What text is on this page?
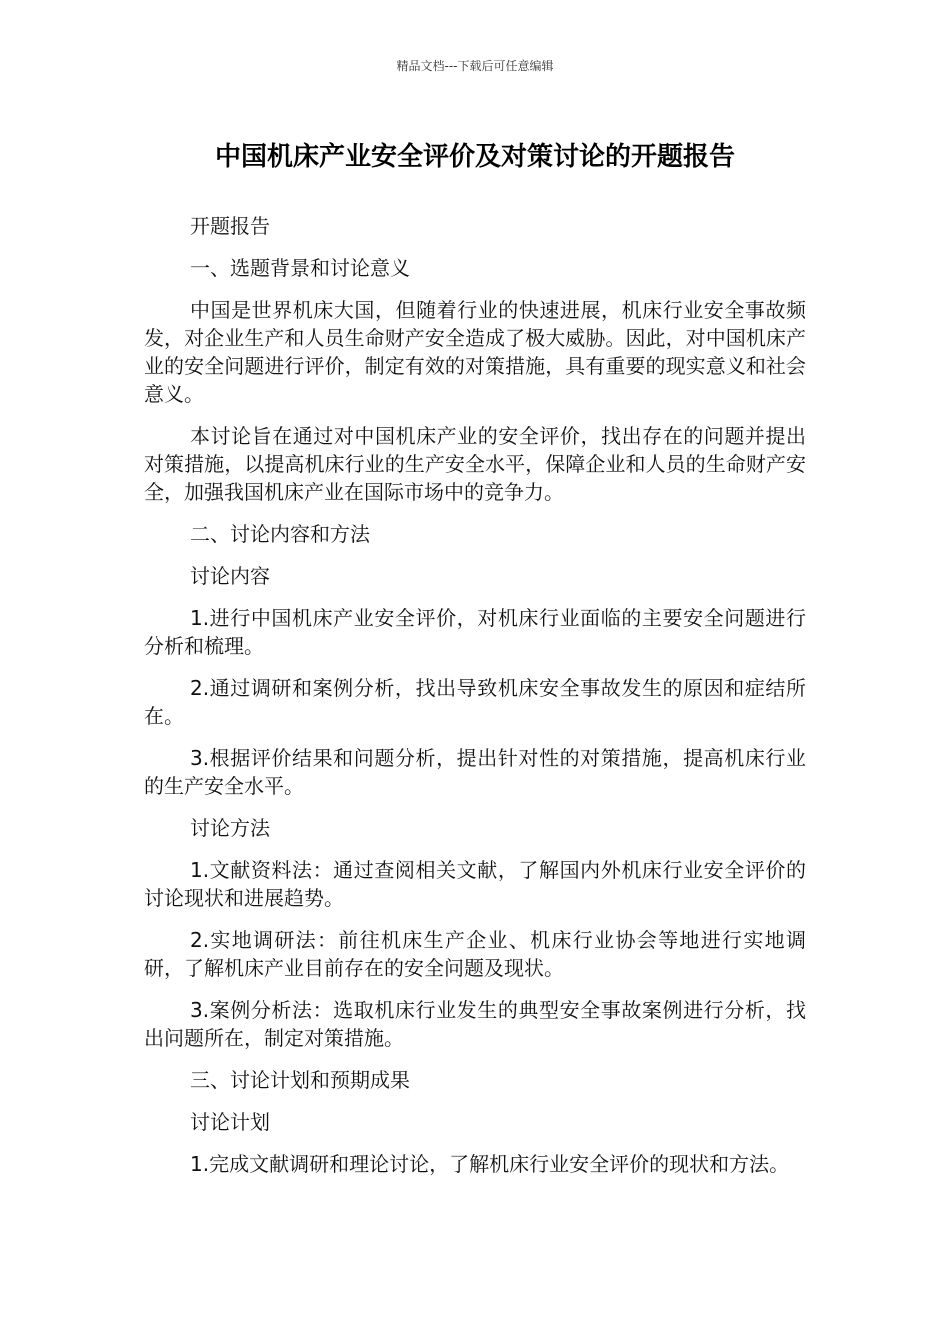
精品文档---下载后可任意编辑
中国机床产业安全评价及对策讨论的开题报告

开题报告

一、选题背景和讨论意义

中国是世界机床大国，但随着行业的快速进展，机床行业安全事故频发，对企业生产和人员生命财产安全造成了极大威胁。因此，对中国机床产业的安全问题进行评价，制定有效的对策措施，具有重要的现实意义和社会意义。

本讨论旨在通过对中国机床产业的安全评价，找出存在的问题并提出对策措施，以提高机床行业的生产安全水平，保障企业和人员的生命财产安全，加强我国机床产业在国际市场中的竞争力。

二、讨论内容和方法

讨论内容

1.进行中国机床产业安全评价，对机床行业面临的主要安全问题进行分析和梳理。

2.通过调研和案例分析，找出导致机床安全事故发生的原因和症结所在。

3.根据评价结果和问题分析，提出针对性的对策措施，提高机床行业的生产安全水平。

讨论方法

1.文献资料法：通过查阅相关文献，了解国内外机床行业安全评价的讨论现状和进展趋势。

2.实地调研法：前往机床生产企业、机床行业协会等地进行实地调研，了解机床产业目前存在的安全问题及现状。

3.案例分析法：选取机床行业发生的典型安全事故案例进行分析，找出问题所在，制定对策措施。

三、讨论计划和预期成果

讨论计划

1.完成文献调研和理论讨论，了解机床行业安全评价的现状和方法。
